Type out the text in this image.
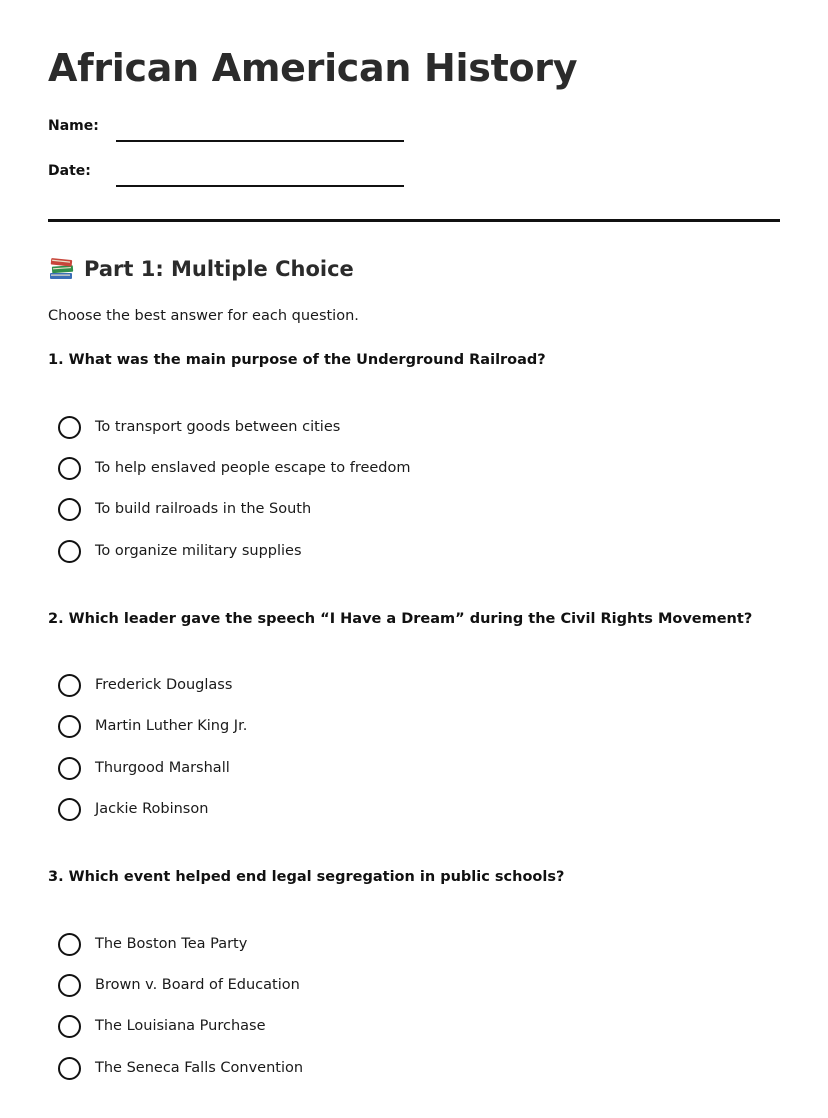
African American History
Name:
Date:
Part 1: Multiple Choice
Choose the best answer for each question.
1. What was the main purpose of the Underground Railroad?
To transport goods between cities
To help enslaved people escape to freedom
To build railroads in the South
To organize military supplies
2. Which leader gave the speech “I Have a Dream” during the Civil Rights Movement?
Frederick Douglass
Martin Luther King Jr.
Thurgood Marshall
Jackie Robinson
3. Which event helped end legal segregation in public schools?
The Boston Tea Party
Brown v. Board of Education
The Louisiana Purchase
The Seneca Falls Convention
